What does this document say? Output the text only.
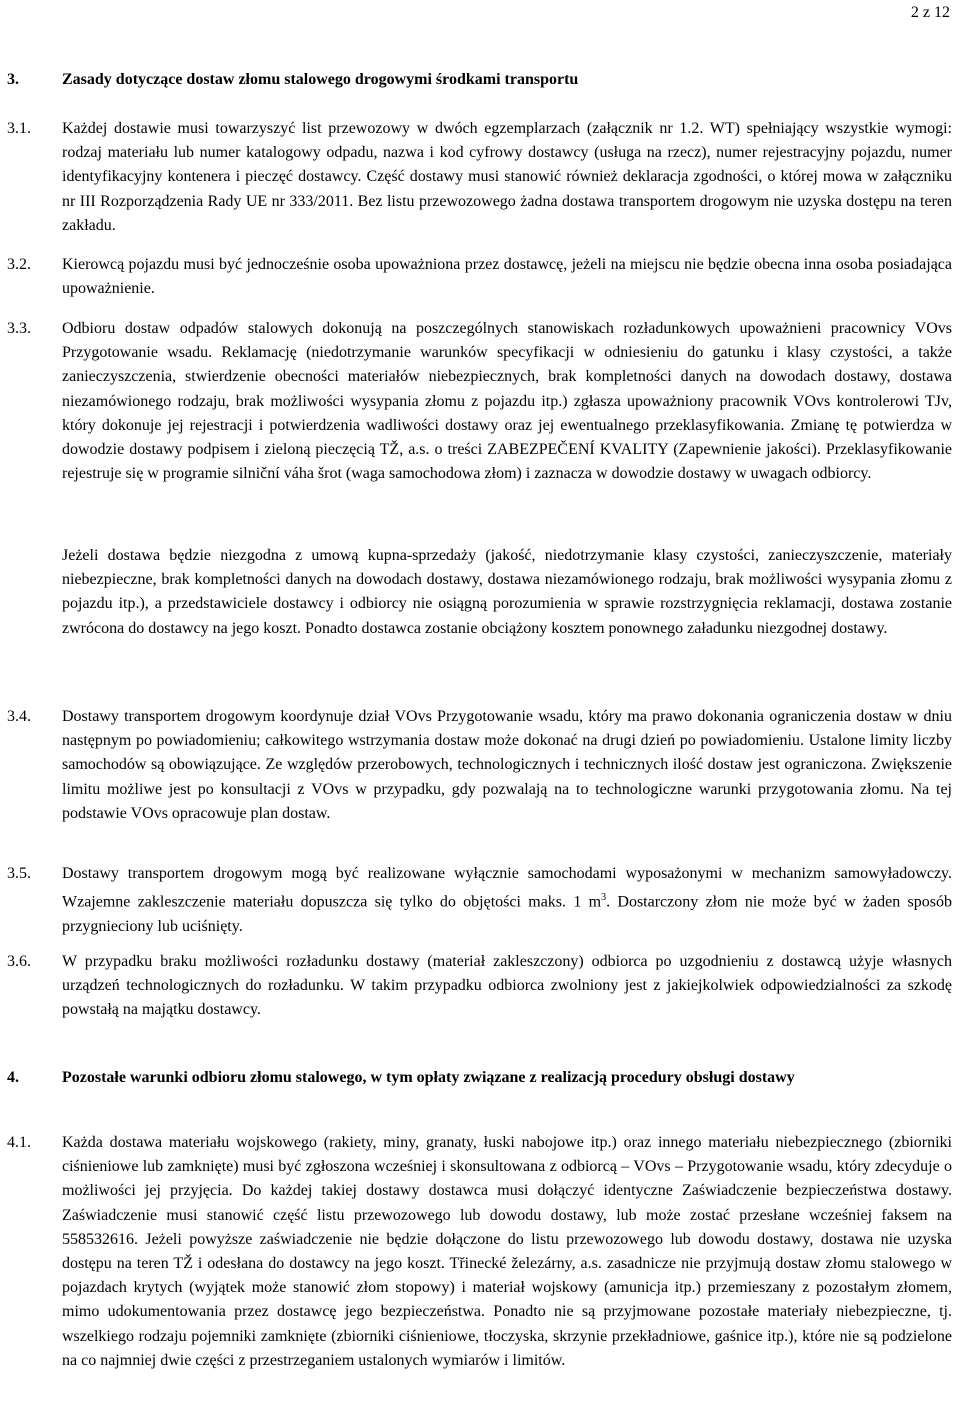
2 z 12
3.	Zasady dotyczące dostaw złomu stalowego drogowymi środkami transportu
3.1. Każdej dostawie musi towarzyszyć list przewozowy w dwóch egzemplarzach (załącznik nr 1.2. WT) spełniający wszystkie wymogi: rodzaj materiału lub numer katalogowy odpadu, nazwa i kod cyfrowy dostawcy (usługa na rzecz), numer rejestracyjny pojazdu, numer identyfikacyjny kontenera i pieczęć dostawcy. Część dostawy musi stanowić również deklaracja zgodności, o której mowa w załączniku nr III Rozporządzenia Rady UE nr 333/2011. Bez listu przewozowego żadna dostawa transportem drogowym nie uzyska dostępu na teren zakładu.
3.2. Kierowcą pojazdu musi być jednocześnie osoba upoważniona przez dostawcę, jeżeli na miejscu nie będzie obecna inna osoba posiadająca upoważnienie.
3.3. Odbioru dostaw odpadów stalowych dokonują na poszczególnych stanowiskach rozładunkowych upoważnieni pracownicy VOvs Przygotowanie wsadu. Reklamację (niedotrzymanie warunków specyfikacji w odniesieniu do gatunku i klasy czystości, a także zanieczyszczenia, stwierdzenie obecności materiałów niebezpiecznych, brak kompletności danych na dowodach dostawy, dostawa niezamówionego rodzaju, brak możliwości wysypania złomu z pojazdu itp.) zgłasza upoważniony pracownik VOvs kontrolerowi TJv, który dokonuje jej rejestracji i potwierdzenia wadliwości dostawy oraz jej ewentualnego przeklasyfikowania. Zmianę tę potwierdza w dowodzie dostawy podpisem i zieloną pieczęcią TŽ, a.s. o treści ZABEZPEČENÍ KVALITY (Zapewnienie jakości). Przeklasyfikowanie rejestruje się w programie silniční váha šrot (waga samochodowa złom) i zaznacza w dowodzie dostawy w uwagach odbiorcy.
Jeżeli dostawa będzie niezgodna z umową kupna-sprzedaży (jakość, niedotrzymanie klasy czystości, zanieczyszczenie, materiały niebezpieczne, brak kompletności danych na dowodach dostawy, dostawa niezamówionego rodzaju, brak możliwości wysypania złomu z pojazdu itp.), a przedstawiciele dostawcy i odbiorcy nie osiągną porozumienia w sprawie rozstrzygnięcia reklamacji, dostawa zostanie zwrócona do dostawcy na jego koszt. Ponadto dostawca zostanie obciążony kosztem ponownego załadunku niezgodnej dostawy.
3.4. Dostawy transportem drogowym koordynuje dział VOvs Przygotowanie wsadu, który ma prawo dokonania ograniczenia dostaw w dniu następnym po powiadomieniu; całkowitego wstrzymania dostaw może dokonać na drugi dzień po powiadomieniu. Ustalone limity liczby samochodów są obowiązujące. Ze względów przerobowych, technologicznych i technicznych ilość dostaw jest ograniczona. Zwiększenie limitu możliwe jest po konsultacji z VOvs w przypadku, gdy pozwalają na to technologiczne warunki przygotowania złomu. Na tej podstawie VOvs opracowuje plan dostaw.
3.5. Dostawy transportem drogowym mogą być realizowane wyłącznie samochodami wyposażonymi w mechanizm samowyładowczy. Wzajemne zakleszczenie materiału dopuszcza się tylko do objętości maks. 1 $m^3$. Dostarczony złom nie może być w żaden sposób przygnieciony lub uciśnięty.
3.6. W przypadku braku możliwości rozładunku dostawy (materiał zakleszczony) odbiorca po uzgodnieniu z dostawcą użyje własnych urządzeń technologicznych do rozładunku. W takim przypadku odbiorca zwolniony jest z jakiejkolwiek odpowiedzialności za szkodę powstałą na majątku dostawcy.
4.	Pozostałe warunki odbioru złomu stalowego, w tym opłaty związane z realizacją procedury obsługi dostawy
4.1. Każda dostawa materiału wojskowego (rakiety, miny, granaty, łuski nabojowe itp.) oraz innego materiału niebezpiecznego (zbiorniki ciśnieniowe lub zamknięte) musi być zgłoszona wcześniej i skonsultowana z odbiorcą – VOvs – Przygotowanie wsadu, który zdecyduje o możliwości jej przyjęcia. Do każdej takiej dostawy dostawca musi dołączyć identyczne Zaświadczenie bezpieczeństwa dostawy. Zaświadczenie musi stanowić część listu przewozowego lub dowodu dostawy, lub może zostać przesłane wcześniej faksem na 558532616. Jeżeli powyższe zaświadczenie nie będzie dołączone do listu przewozowego lub dowodu dostawy, dostawa nie uzyska dostępu na teren TŽ i odesłana do dostawcy na jego koszt. Třinecké železárny, a.s. zasadnicze nie przyjmują dostaw złomu stalowego w pojazdach krytych (wyjątek może stanowić złom stopowy) i materiał wojskowy (amunicja itp.) przemieszany z pozostałym złomem, mimo udokumentowania przez dostawcę jego bezpieczeństwa. Ponadto nie są przyjmowane pozostałe materiały niebezpieczne, tj. wszelkiego rodzaju pojemniki zamknięte (zbiorniki ciśnieniowe, tłoczyska, skrzynie przekładniowe, gaśnice itp.), które nie są podzielone na co najmniej dwie części z przestrzeganiem ustalonych wymiarów i limitów.
